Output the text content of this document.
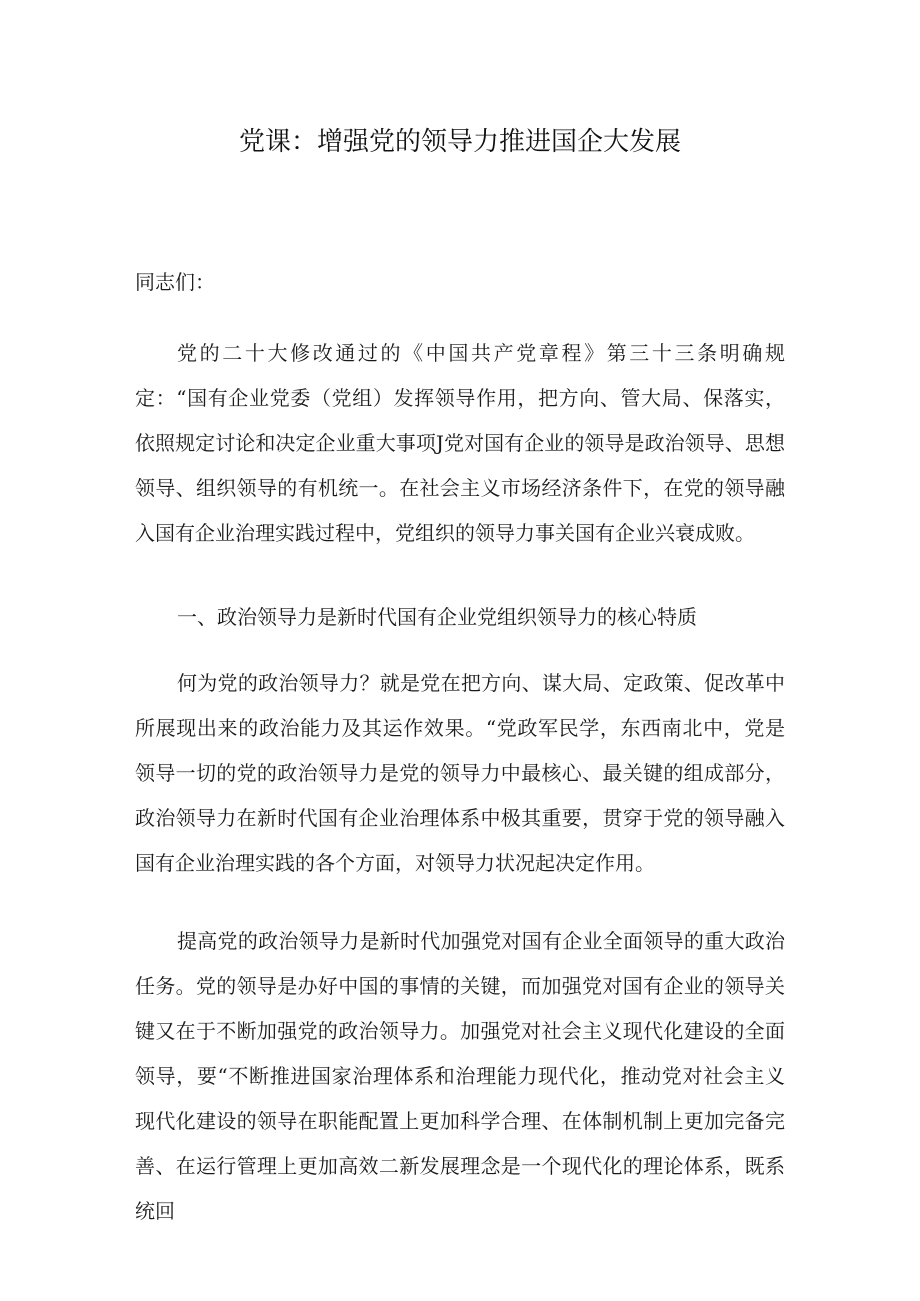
党课：增强党的领导力推进国企大发展
同志们：

党的二十大修改通过的《中国共产党章程》第三十三条明确规定：“国有企业党委（党组）发挥领导作用，把方向、管大局、保落实，依照规定讨论和决定企业重大事项J党对国有企业的领导是政治领导、思想领导、组织领导的有机统一。在社会主义市场经济条件下，在党的领导融入国有企业治理实践过程中，党组织的领导力事关国有企业兴衰成败。

一、政治领导力是新时代国有企业党组织领导力的核心特质

何为党的政治领导力？就是党在把方向、谋大局、定政策、促改革中所展现出来的政治能力及其运作效果。“党政军民学，东西南北中，党是领导一切的党的政治领导力是党的领导力中最核心、最关键的组成部分，政治领导力在新时代国有企业治理体系中极其重要，贯穿于党的领导融入国有企业治理实践的各个方面，对领导力状况起决定作用。

提高党的政治领导力是新时代加强党对国有企业全面领导的重大政治任务。党的领导是办好中国的事情的关键，而加强党对国有企业的领导关键又在于不断加强党的政治领导力。加强党对社会主义现代化建设的全面领导，要“不断推进国家治理体系和治理能力现代化，推动党对社会主义现代化建设的领导在职能配置上更加科学合理、在体制机制上更加完备完善、在运行管理上更加高效二新发展理念是一个现代化的理论体系，既系统回
